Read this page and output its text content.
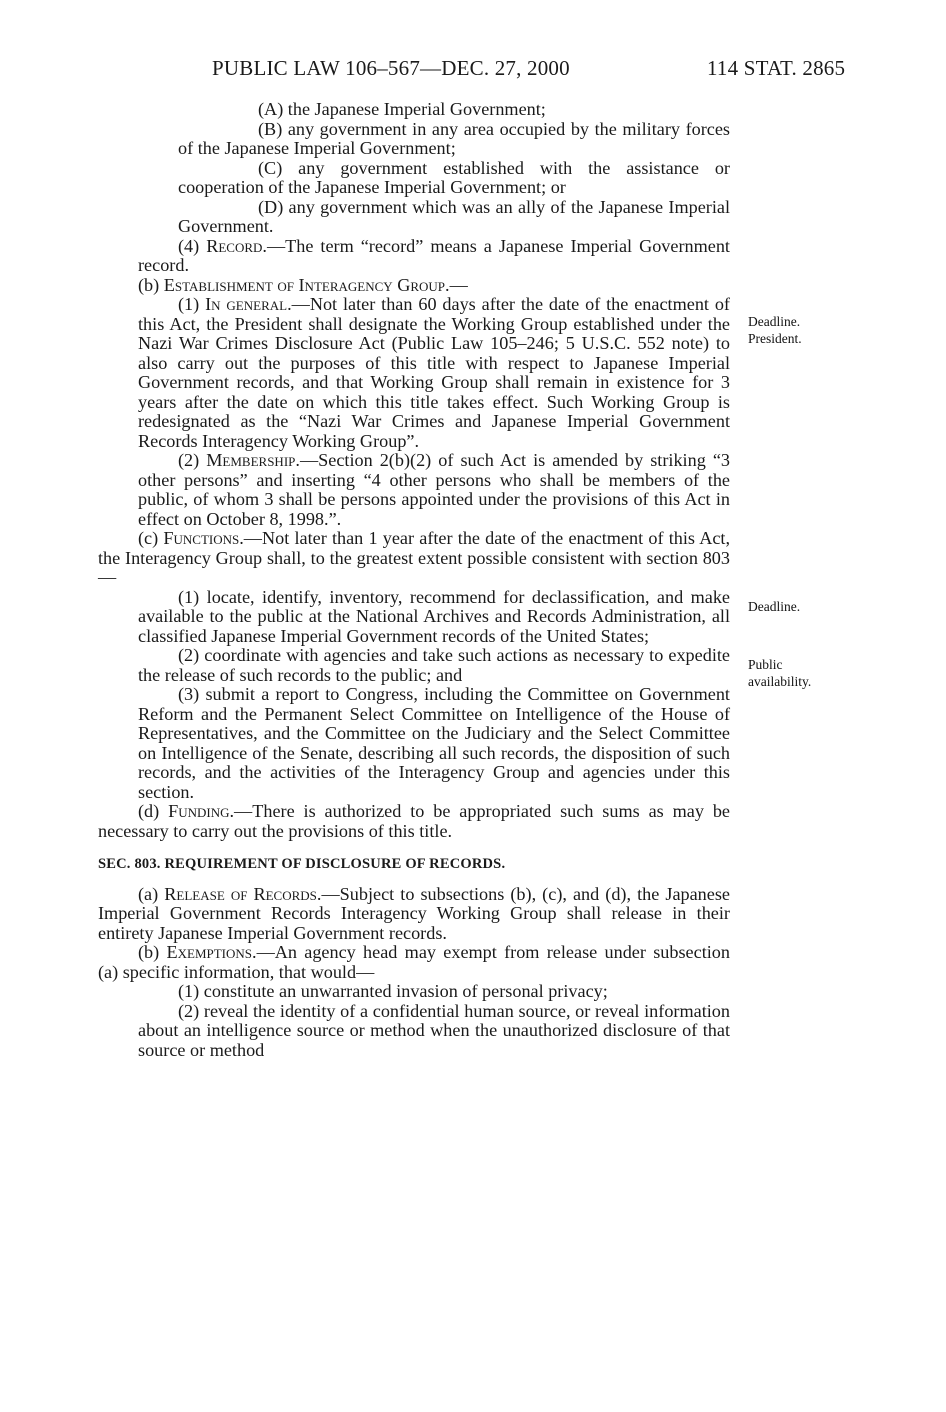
PUBLIC LAW 106–567—DEC. 27, 2000	114 STAT. 2865

(A) the Japanese Imperial Government;

(B) any government in any area occupied by the military forces of the Japanese Imperial Government;

(C) any government established with the assistance or cooperation of the Japanese Imperial Government; or

(D) any government which was an ally of the Japanese Imperial Government.

(4) Record.—The term “record” means a Japanese Imperial Government record.

(b) Establishment of Interagency Group.—

(1) In general.—Not later than 60 days after the date of the enactment of this Act, the President shall designate the Working Group established under the Nazi War Crimes Disclosure Act (Public Law 105–246; 5 U.S.C. 552 note) to also carry out the purposes of this title with respect to Japanese Imperial Government records, and that Working Group shall remain in existence for 3 years after the date on which this title takes effect. Such Working Group is redesignated as the “Nazi War Crimes and Japanese Imperial Government Records Interagency Working Group”.

(2) Membership.—Section 2(b)(2) of such Act is amended by striking “3 other persons” and inserting “4 other persons who shall be members of the public, of whom 3 shall be persons appointed under the provisions of this Act in effect on October 8, 1998.”.

(c) Functions.—Not later than 1 year after the date of the enactment of this Act, the Interagency Group shall, to the greatest extent possible consistent with section 803—

(1) locate, identify, inventory, recommend for declassification, and make available to the public at the National Archives and Records Administration, all classified Japanese Imperial Government records of the United States;

(2) coordinate with agencies and take such actions as necessary to expedite the release of such records to the public; and

(3) submit a report to Congress, including the Committee on Government Reform and the Permanent Select Committee on Intelligence of the House of Representatives, and the Committee on the Judiciary and the Select Committee on Intelligence of the Senate, describing all such records, the disposition of such records, and the activities of the Interagency Group and agencies under this section.

(d) Funding.—There is authorized to be appropriated such sums as may be necessary to carry out the provisions of this title.

SEC. 803. REQUIREMENT OF DISCLOSURE OF RECORDS.

(a) Release of Records.—Subject to subsections (b), (c), and (d), the Japanese Imperial Government Records Interagency Working Group shall release in their entirety Japanese Imperial Government records.

(b) Exemptions.—An agency head may exempt from release under subsection (a) specific information, that would—

(1) constitute an unwarranted invasion of personal privacy;

(2) reveal the identity of a confidential human source, or reveal information about an intelligence source or method when the unauthorized disclosure of that source or method

Deadline.
President.
Deadline.
Public
availability.
